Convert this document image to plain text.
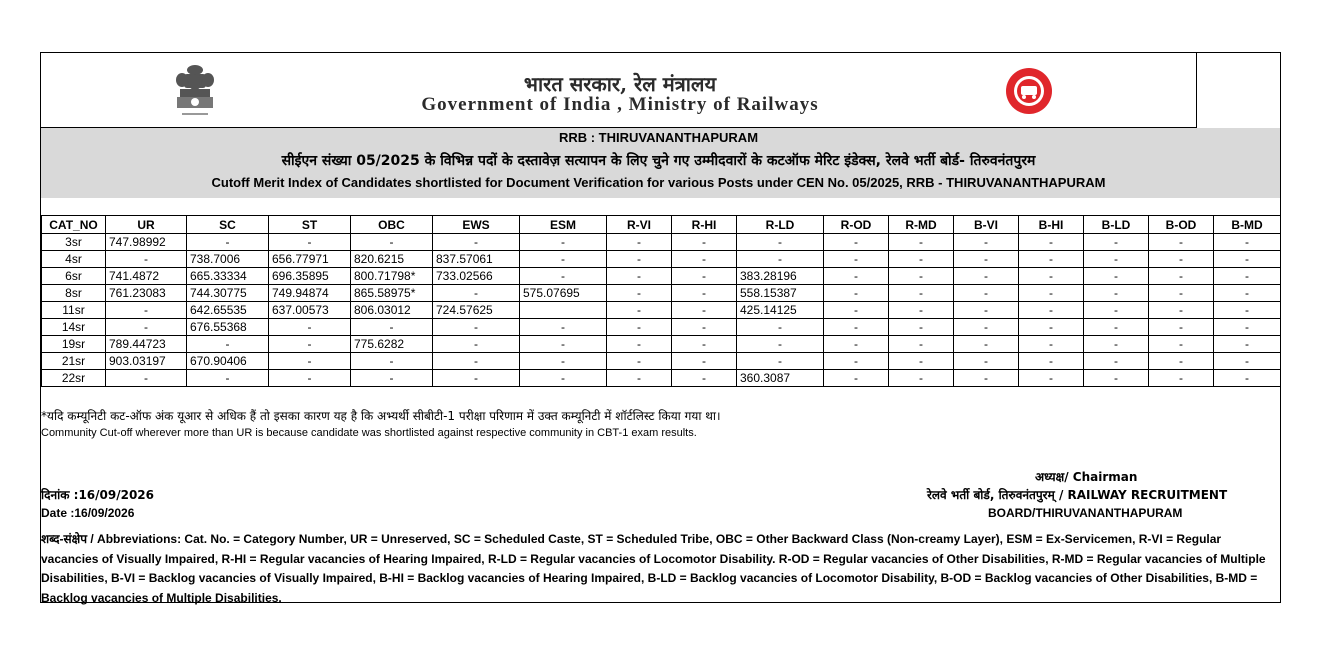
भारत सरकार, रेल मंत्रालय
Government of India , Ministry of Railways
RRB : THIRUVANANTHAPURAM
सीईएन संख्या 05/2025 के विभिन्न पदों के दस्तावेज़ सत्यापन के लिए चुने गए उम्मीदवारों के कटऑफ मेरिट इंडेक्स, रेलवे भर्ती बोर्ड- तिरुवनंतपुरम
Cutoff Merit Index of Candidates shortlisted for Document Verification for various Posts under CEN No. 05/2025, RRB - THIRUVANANTHAPURAM
CAT_NO	UR	SC	ST	OBC	EWS	ESM	R-VI	R-HI	R-LD	R-OD	R-MD	B-VI	B-HI	B-LD	B-OD	B-MD
3sr	747.98992	-	-	-	-	-	-	-	-	-	-	-	-	-	-	-
4sr	-	738.7006	656.77971	820.6215	837.57061	-	-	-	-	-	-	-	-	-	-	-
6sr	741.4872	665.33334	696.35895	800.71798*	733.02566	-	-	-	383.28196	-	-	-	-	-	-	-
8sr	761.23083	744.30775	749.94874	865.58975*	-	575.07695	-	-	558.15387	-	-	-	-	-	-	-
11sr	-	642.65535	637.00573	806.03012	724.57625		-	-	425.14125	-	-	-	-	-	-	-
14sr	-	676.55368	-	-	-	-	-	-	-	-	-	-	-	-	-	-
19sr	789.44723	-	-	775.6282	-	-	-	-	-	-	-	-	-	-	-	-
21sr	903.03197	670.90406	-	-	-	-	-	-	-	-	-	-	-	-	-	-
22sr	-	-	-	-	-	-	-	-	360.3087	-	-	-	-	-	-	-
*यदि कम्यूनिटी कट-ऑफ अंक यूआर से अधिक हैं तो इसका कारण यह है कि अभ्यर्थी सीबीटी-1 परीक्षा परिणाम में उक्त कम्यूनिटी में शॉर्टलिस्ट किया गया था।
Community Cut-off wherever more than UR is because candidate was shortlisted against respective community in CBT-1 exam results.
दिनांक :16/09/2026
Date :16/09/2026
अध्यक्ष/ Chairman
रेलवे भर्ती बोर्ड, तिरुवनंतपुरम् / RAILWAY RECRUITMENT
BOARD/THIRUVANANTHAPURAM
शब्द-संक्षेप / Abbreviations: Cat. No. = Category Number, UR = Unreserved, SC = Scheduled Caste, ST = Scheduled Tribe, OBC = Other Backward Class (Non-creamy Layer), ESM = Ex-Servicemen, R-VI = Regular vacancies of Visually Impaired, R-HI = Regular vacancies of Hearing Impaired, R-LD = Regular vacancies of Locomotor Disability. R-OD = Regular vacancies of Other Disabilities, R-MD = Regular vacancies of Multiple Disabilities, B-VI = Backlog vacancies of Visually Impaired, B-HI = Backlog vacancies of Hearing Impaired, B-LD = Backlog vacancies of Locomotor Disability, B-OD = Backlog vacancies of Other Disabilities, B-MD = Backlog vacancies of Multiple Disabilities.
